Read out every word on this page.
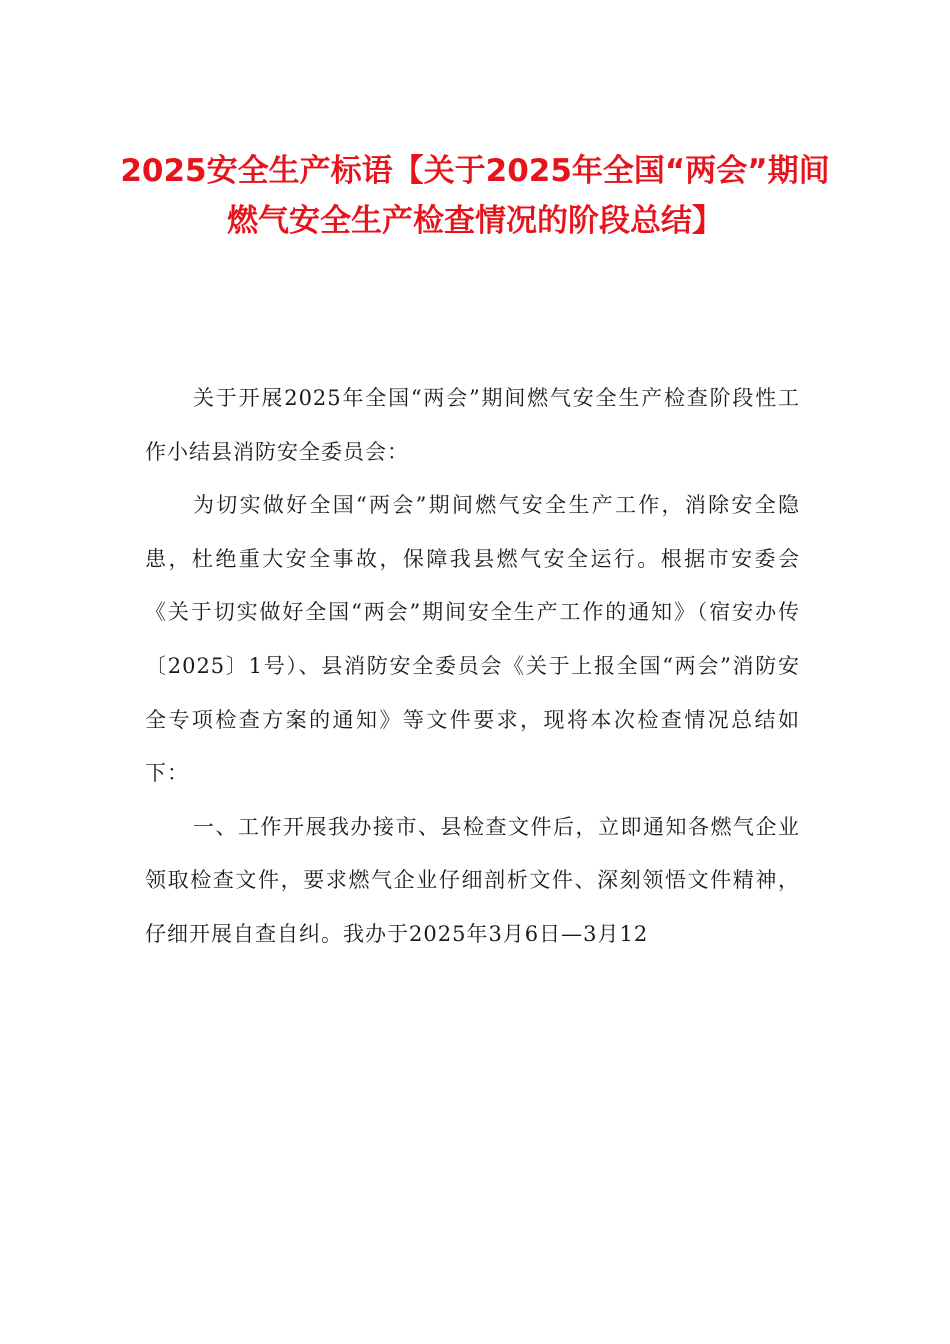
2025安全生产标语【关于2025年全国“两会”期间燃气安全生产检查情况的阶段总结】

关于开展2025年全国“两会”期间燃气安全生产检查阶段性工作小结县消防安全委员会：

为切实做好全国“两会”期间燃气安全生产工作，消除安全隐患，杜绝重大安全事故，保障我县燃气安全运行。根据市安委会《关于切实做好全国“两会”期间安全生产工作的通知》（宿安办传〔2025〕1号）、县消防安全委员会《关于上报全国“两会”消防安全专项检查方案的通知》等文件要求，现将本次检查情况总结如下：

一、工作开展我办接市、县检查文件后，立即通知各燃气企业领取检查文件，要求燃气企业仔细剖析文件、深刻领悟文件精神，仔细开展自查自纠。我办于2025年3月6日—3月12
